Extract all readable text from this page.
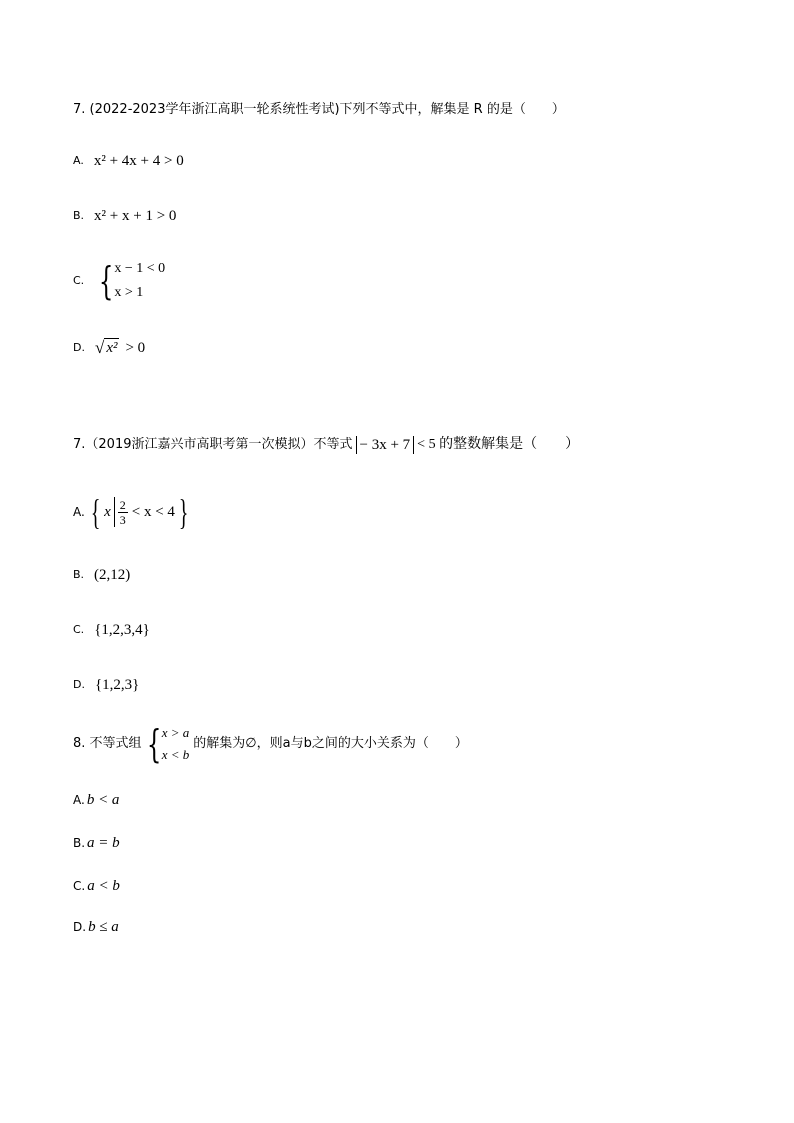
7. (2022-2023学年浙江高职一轮系统性考试)下列不等式中，解集是 R 的是（　　）
A. x² + 4x + 4 > 0
B. x² + x + 1 > 0
C. { x − 1 < 0
x > 1
D. √ x² > 0
7.（2019浙江嘉兴市高职考第一次模拟）不等式 − 3x + 7 < 5 的整数解集是（　　）
A. { x $\frac{2}{3} < x < 4$ }
B. (2,12)
C. {1,2,3,4}
D. {1,2,3}
8. 不等式组 { x > a
x < b
的解集为∅，则a与b之间的大小关系为（　　）
A. b < a
B. a = b
C. a < b
D. b ≤ a
